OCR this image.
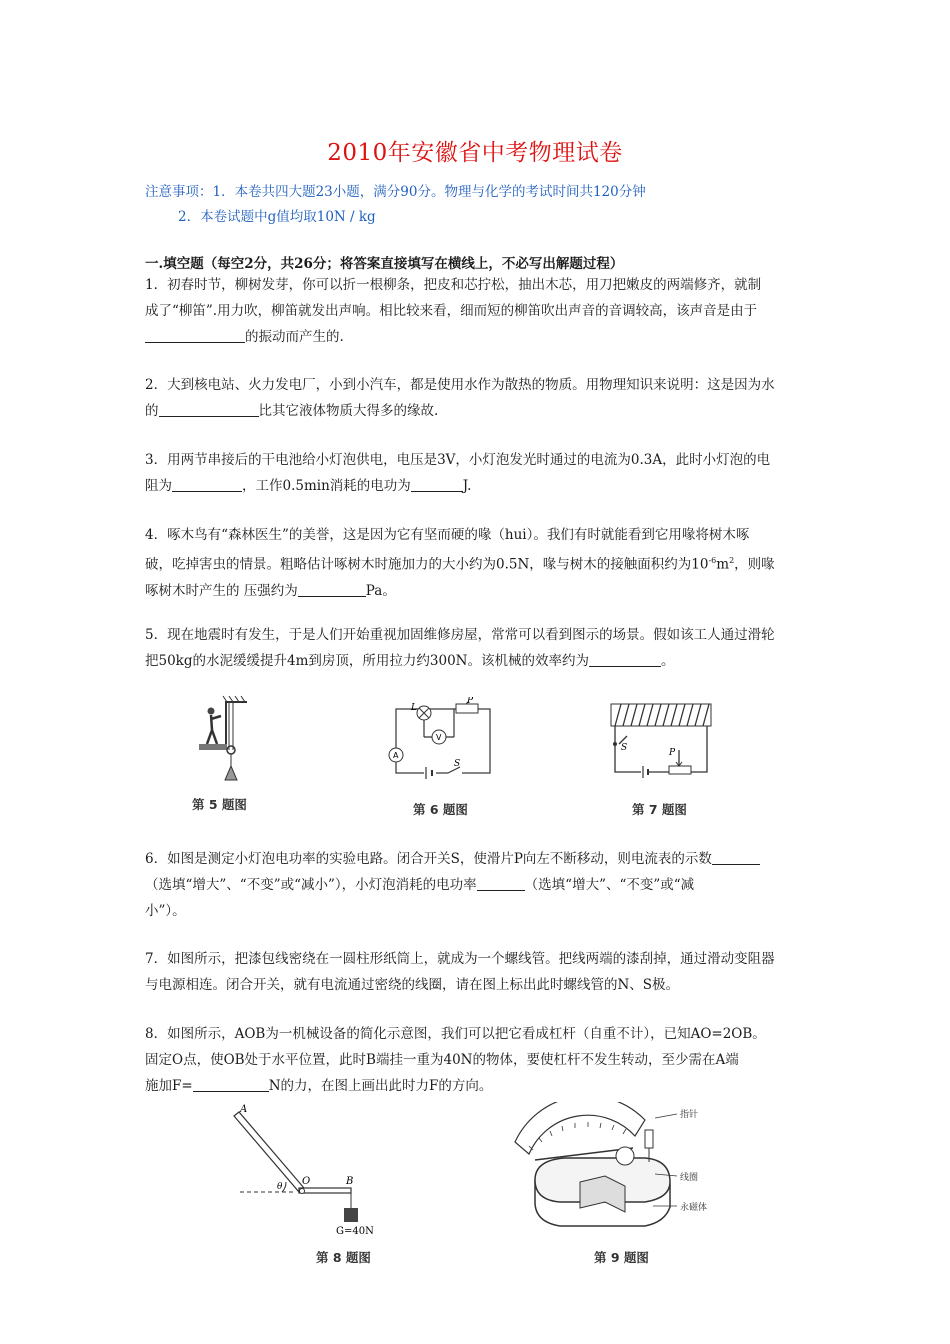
2010年安徽省中考物理试卷
注意事项：1．本卷共四大题23小题，满分90分。物理与化学的考试时间共120分钟
2．本卷试题中g值均取10N / kg
一.填空题（每空2分，共26分；将答案直接填写在横线上，不必写出解题过程）
1．初春时节，柳树发芽，你可以折一根柳条，把皮和芯拧松，抽出木芯，用刀把嫩皮的两端修齐，就制
成了“柳笛”.用力吹，柳笛就发出声响。相比较来看，细而短的柳笛吹出声音的音调较高，该声音是由于
的振动而产生的.
2．大到核电站、火力发电厂，小到小汽车，都是使用水作为散热的物质。用物理知识来说明：这是因为水
的	比其它液体物质大得多的缘故.
3．用两节串接后的干电池给小灯泡供电，电压是3V，小灯泡发光时通过的电流为0.3A，此时小灯泡的电
阻为	，工作0.5min消耗的电功为	J.
4．啄木鸟有“森林医生”的美誉，这是因为它有坚而硬的喙（hui）。我们有时就能看到它用喙将树木啄
破，吃掉害虫的情景。粗略估计啄树木时施加力的大小约为0.5N，喙与树木的接触面积约为$10^{-6}m^2$，则喙
啄树木时产生的 压强约为	Pa。
5．现在地震时有发生，于是人们开始重视加固维修房屋，常常可以看到图示的场景。假如该工人通过滑轮
把50kg的水泥缓缓提升4m到房顶，所用拉力约300N。该机械的效率约为	。
第 5 题图
L
P
V
A
S
第 6 题图
S	P
第 7 题图
6．如图是测定小灯泡电功率的实验电路。闭合开关S，使滑片P向左不断移动，则电流表的示数
（选填“增大”、“不变”或“减小”），小灯泡消耗的电功率	（选填“增大”、“不变”或“减
小”）。
7．如图所示，把漆包线密绕在一圆柱形纸筒上，就成为一个螺线管。把线两端的漆刮掉，通过滑动变阻器
与电源相连。闭合开关，就有电流通过密绕的线圈，请在图上标出此时螺线管的N、S极。
8．如图所示，AOB为一机械设备的简化示意图，我们可以把它看成杠杆（自重不计），已知AO=2OB。
固定O点，使OB处于水平位置，此时B端挂一重为40N的物体，要使杠杆不发生转动，至少需在A端
施加F=	N的力，在图上画出此时力F的方向。
A
O	B
θ
G=40N
第 8 题图
指针
线圈
永磁体
第 9 题图
